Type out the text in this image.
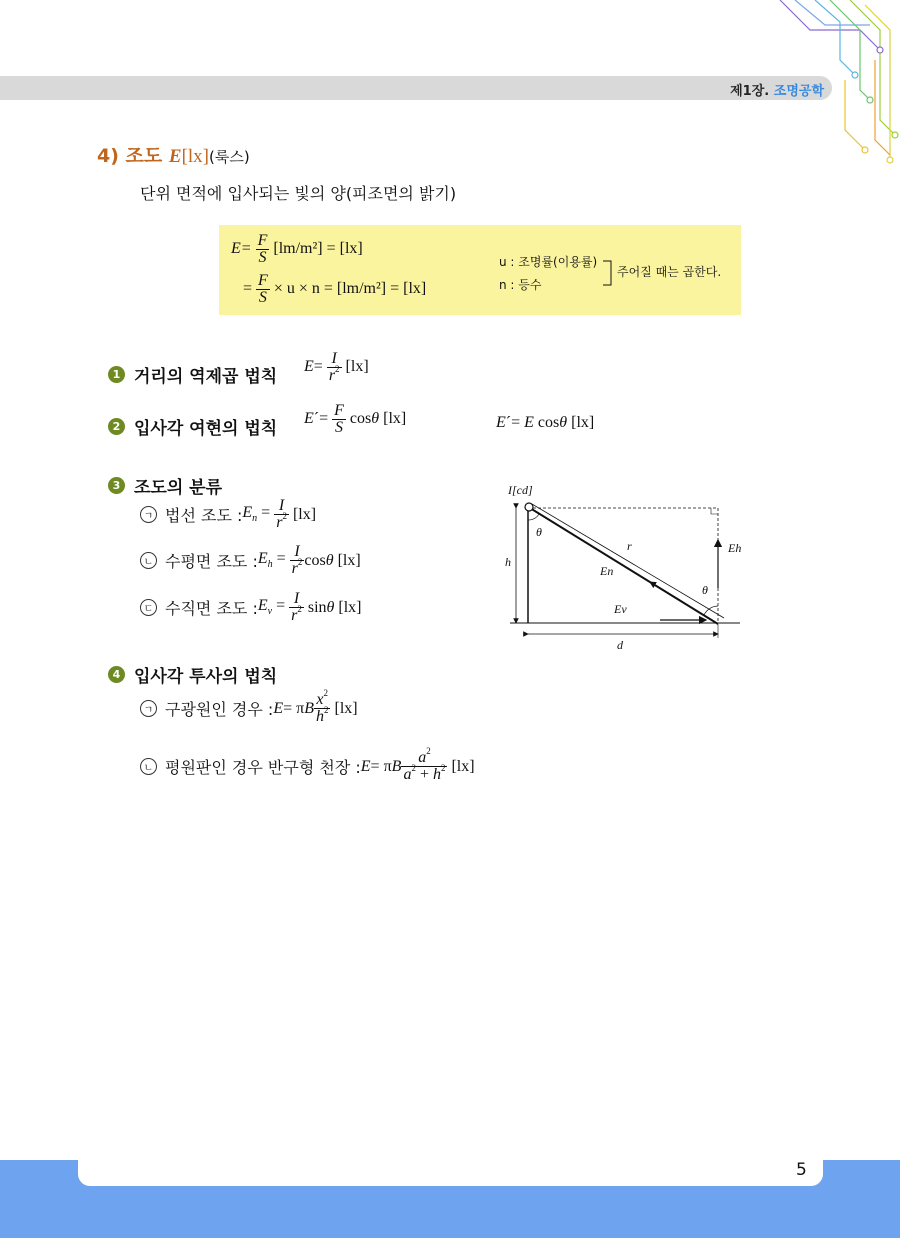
제1장. 조명공학
4) 조도 E[lx](룩스)
단위 면적에 입사되는 빛의 양(피조면의 밝기)
$E= \frac{F}{S} [lm/m^2] = [lx]$
= $\frac{F}{S} \times u \times n = [lm/m^2] = [lx]$
u : 조명률(이용률)
n : 등수
주어질 때는 곱한다.
1 거리의 역제곱 법칙
$E= \frac{I}{r^2} [lx]$
2 입사각 여현의 법칙
E´= $\frac{F}{S}$ cosθ [lx]	E´= E cosθ [lx]
3 조도의 분류
ㄱ 법선 조도 : $E_n = \frac{I}{r^2} [lx]$
ㄴ 수평면 조도 : $E_h = \frac{I}{r^2}$ cosθ [lx]
ㄷ 수직면 조도 : $E_v = \frac{I}{r^2}$ sinθ [lx]
I[cd]
θ
r
h
En
Eh
θ
Ev
d
4 입사각 투사의 법칙
ㄱ 구광원인 경우 : E= πB $\frac{x^2}{h^2} [lx]$
ㄴ 평원판인 경우 반구형 천장 : E= πB $\frac{a^2}{a^2 + h^2} [lx]$
5
